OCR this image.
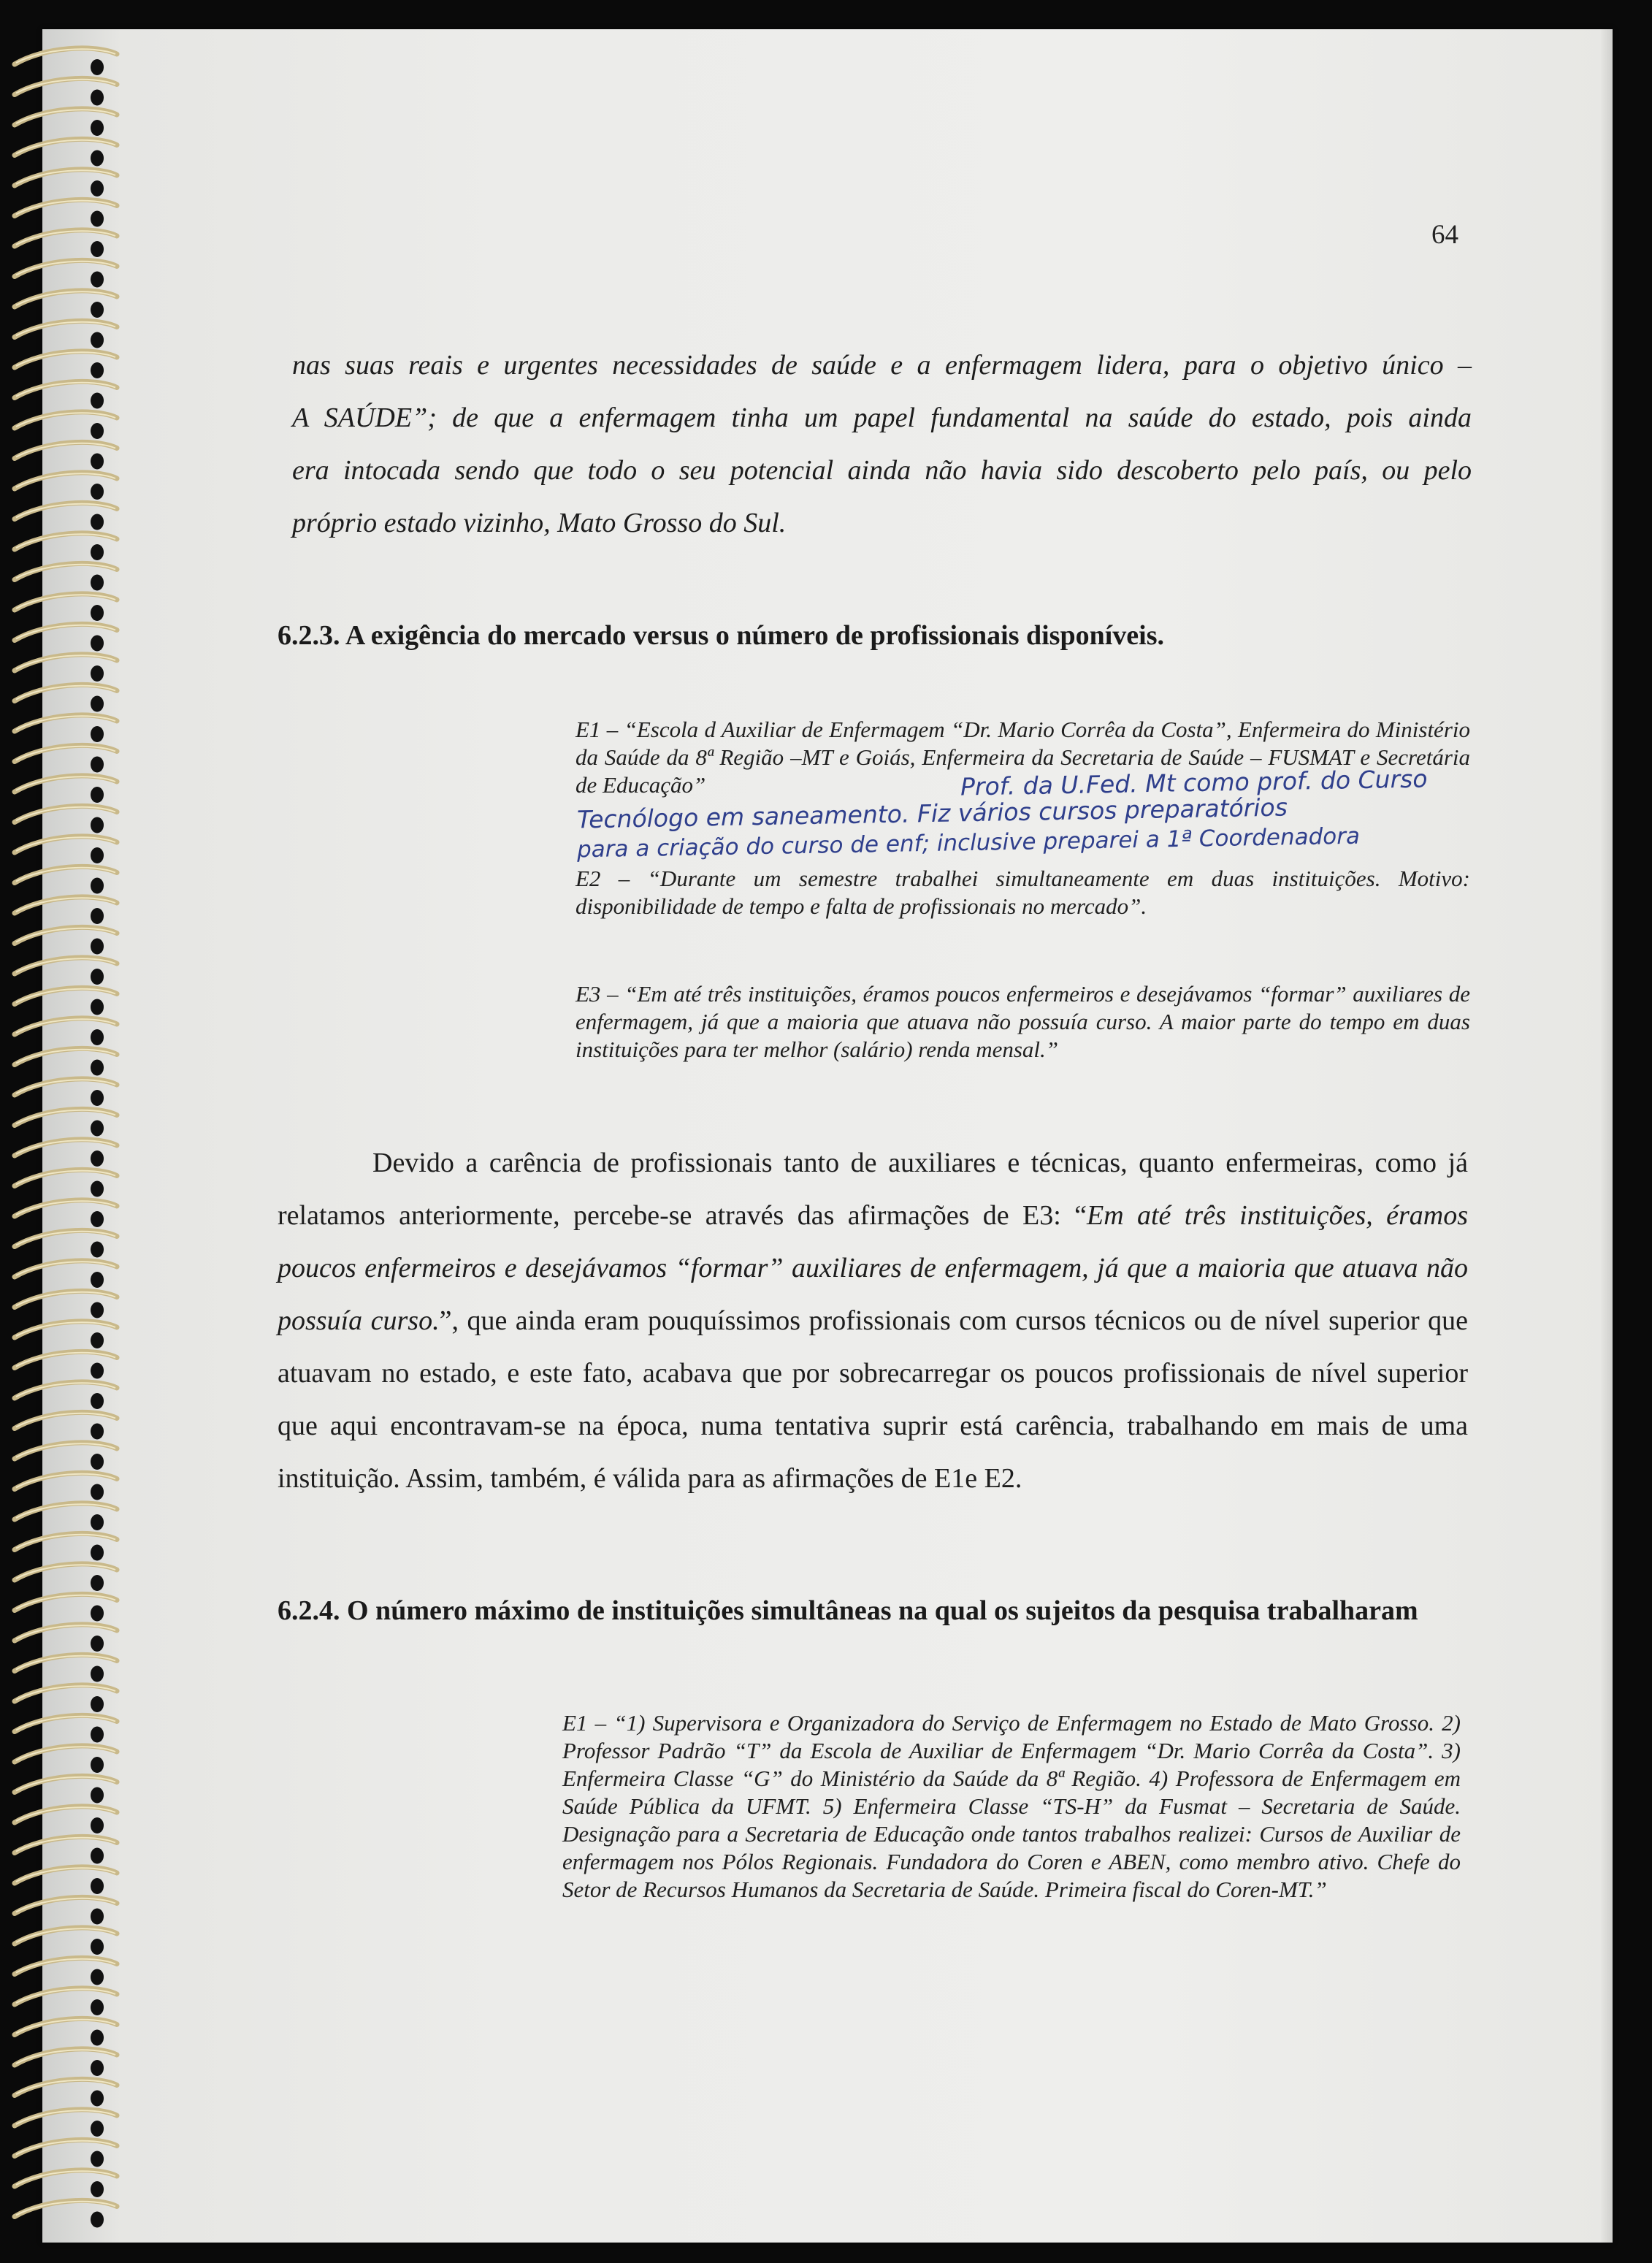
64
nas suas reais e urgentes necessidades de saúde e a enfermagem lidera, para o objetivo único –
A SAÚDE”; de que a enfermagem tinha um papel fundamental na saúde do estado, pois ainda
era intocada sendo que todo o seu potencial ainda não havia sido descoberto pelo país, ou pelo
próprio estado vizinho, Mato Grosso do Sul.
6.2.3. A exigência do mercado versus o número de profissionais disponíveis.
E1 – “Escola d Auxiliar de Enfermagem “Dr. Mario Corrêa da Costa”, Enfermeira do Ministério da Saúde da 8ª Região –MT e Goiás, Enfermeira da Secretaria de Saúde – FUSMAT e Secretária de Educação”	Prof. da U.Fed. Mt como prof. do Curso
Tecnólogo em saneamento. Fiz vários cursos preparatórios
para a criação do curso de enf; inclusive preparei a 1ª Coordenadora
E2 – “Durante um semestre trabalhei simultaneamente em duas instituições. Motivo: disponibilidade de tempo e falta de profissionais no mercado”.
E3 – “Em até três instituições, éramos poucos enfermeiros e desejávamos “formar” auxiliares de enfermagem, já que a maioria que atuava não possuía curso. A maior parte do tempo em duas instituições para ter melhor (salário) renda mensal.”
Devido a carência de profissionais tanto de auxiliares e técnicas, quanto enfermeiras, como já relatamos anteriormente, percebe-se através das afirmações de E3: “Em até três instituições, éramos poucos enfermeiros e desejávamos “formar” auxiliares de enfermagem, já que a maioria que atuava não possuía curso.”, que ainda eram pouquíssimos profissionais com cursos técnicos ou de nível superior que atuavam no estado, e este fato, acabava que por sobrecarregar os poucos profissionais de nível superior que aqui encontravam-se na época, numa tentativa suprir está carência, trabalhando em mais de uma instituição. Assim, também, é válida para as afirmações de E1e E2.
6.2.4. O número máximo de instituições simultâneas na qual os sujeitos da pesquisa trabalharam
E1 – “1) Supervisora e Organizadora do Serviço de Enfermagem no Estado de Mato Grosso. 2) Professor Padrão “T” da Escola de Auxiliar de Enfermagem “Dr. Mario Corrêa da Costa”. 3) Enfermeira Classe “G” do Ministério da Saúde da 8ª Região. 4) Professora de Enfermagem em Saúde Pública da UFMT. 5) Enfermeira Classe “TS-H” da Fusmat – Secretaria de Saúde. Designação para a Secretaria de Educação onde tantos trabalhos realizei: Cursos de Auxiliar de enfermagem nos Pólos Regionais. Fundadora do Coren e ABEN, como membro ativo. Chefe do Setor de Recursos Humanos da Secretaria de Saúde. Primeira fiscal do Coren-MT.”
